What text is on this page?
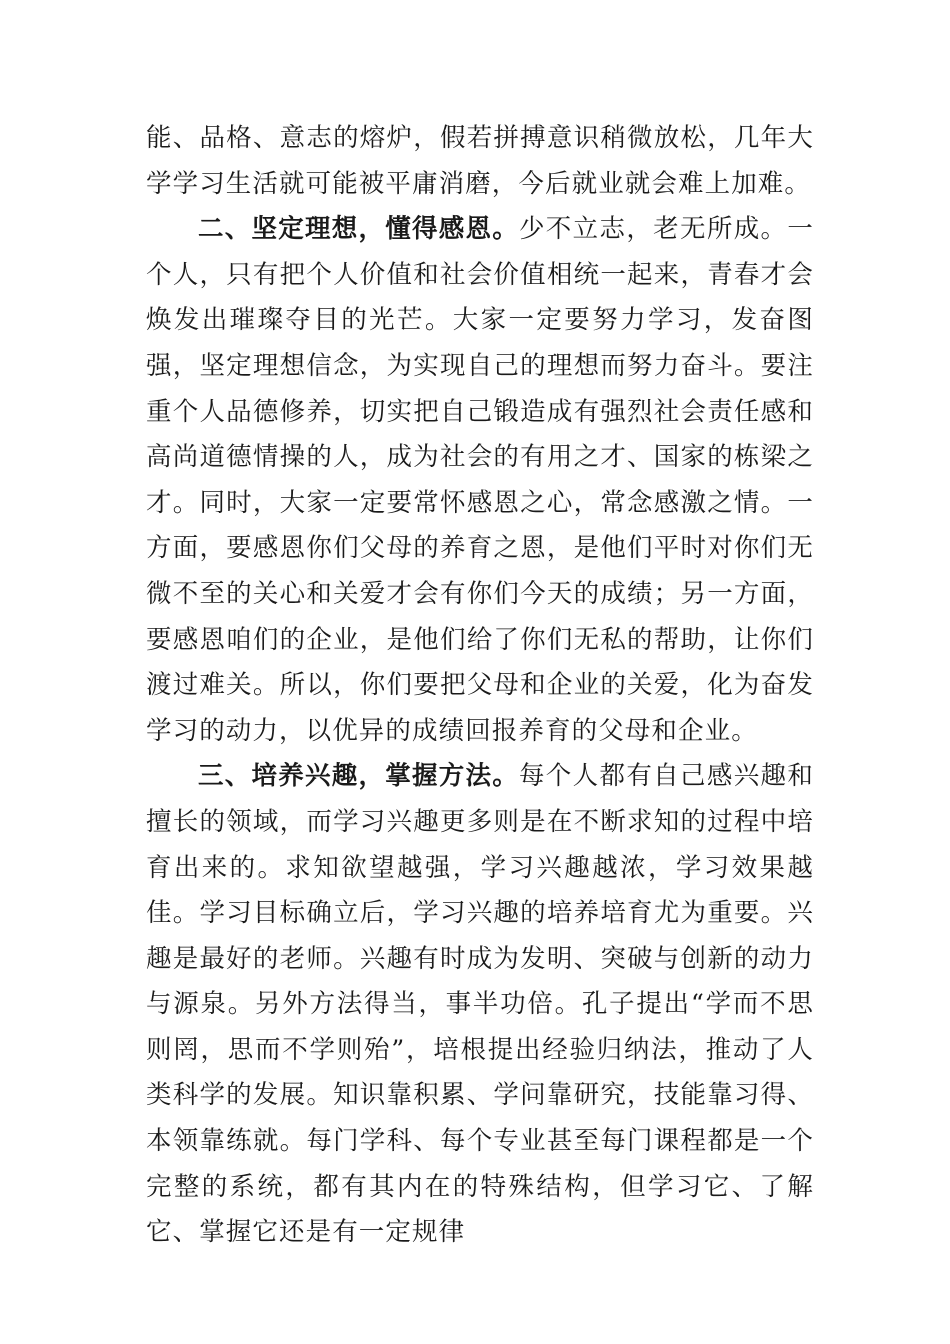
能、品格、意志的熔炉，假若拼搏意识稍微放松，几年大学学习生活就可能被平庸消磨，今后就业就会难上加难。

二、坚定理想，懂得感恩。少不立志，老无所成。一个人，只有把个人价值和社会价值相统一起来，青春才会焕发出璀璨夺目的光芒。大家一定要努力学习，发奋图强，坚定理想信念，为实现自己的理想而努力奋斗。要注重个人品德修养，切实把自己锻造成有强烈社会责任感和高尚道德情操的人，成为社会的有用之才、国家的栋梁之才。同时，大家一定要常怀感恩之心，常念感激之情。一方面，要感恩你们父母的养育之恩，是他们平时对你们无微不至的关心和关爱才会有你们今天的成绩；另一方面，要感恩咱们的企业，是他们给了你们无私的帮助，让你们渡过难关。所以，你们要把父母和企业的关爱，化为奋发学习的动力，以优异的成绩回报养育的父母和企业。

三、培养兴趣，掌握方法。每个人都有自己感兴趣和擅长的领域，而学习兴趣更多则是在不断求知的过程中培育出来的。求知欲望越强，学习兴趣越浓，学习效果越佳。学习目标确立后，学习兴趣的培养培育尤为重要。兴趣是最好的老师。兴趣有时成为发明、突破与创新的动力与源泉。另外方法得当，事半功倍。孔子提出“学而不思则罔，思而不学则殆”，培根提出经验归纳法，推动了人类科学的发展。知识靠积累、学问靠研究，技能靠习得、本领靠练就。每门学科、每个专业甚至每门课程都是一个完整的系统，都有其内在的特殊结构，但学习它、了解它、掌握它还是有一定规律
